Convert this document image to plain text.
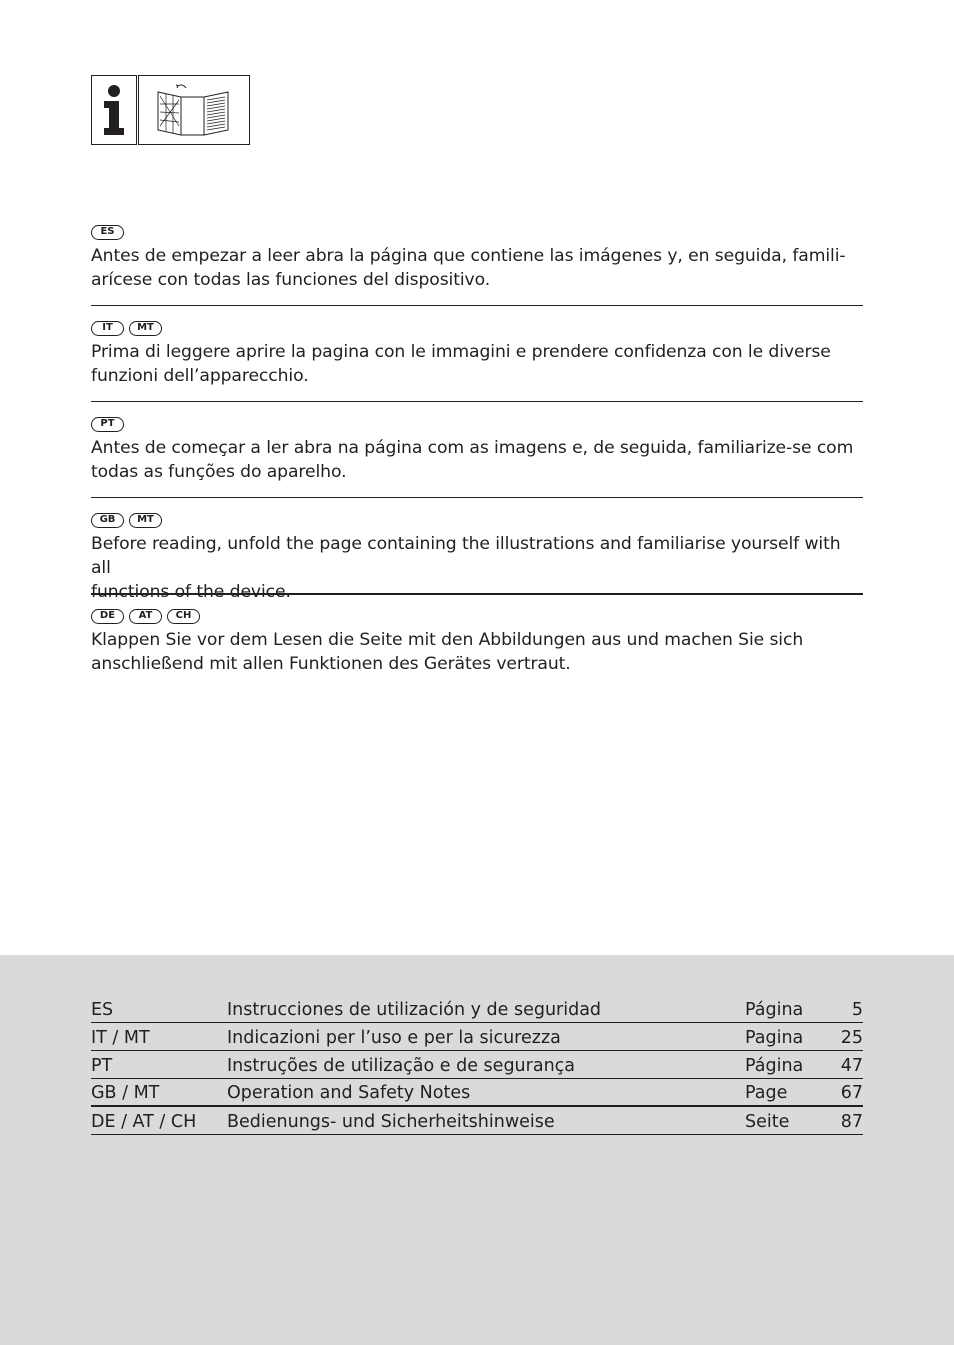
ES

Antes de empezar a leer abra la página que contiene las imágenes y, en seguida, famili-
arícese con todas las funciones del dispositivo.

IT	MT

Prima di leggere aprire la pagina con le immagini e prendere confidenza con le diverse
funzioni dell’apparecchio.

PT

Antes de começar a ler abra na página com as imagens e, de seguida, familiarize-se com
todas as funções do aparelho.

GB	MT

Before reading, unfold the page containing the illustrations and familiarise yourself with all
functions of the device.

DE	AT	CH

Klappen Sie vor dem Lesen die Seite mit den Abbildungen aus und machen Sie sich
anschließend mit allen Funktionen des Gerätes vertraut.

ES	Instrucciones de utilización y de seguridad	Página	5
IT / MT	Indicazioni per l’uso e per la sicurezza	Pagina	25
PT	Instruções de utilização e de segurança	Página	47
GB / MT	Operation and Safety Notes	Page	67
DE / AT / CH	Bedienungs- und Sicherheitshinweise	Seite	87
